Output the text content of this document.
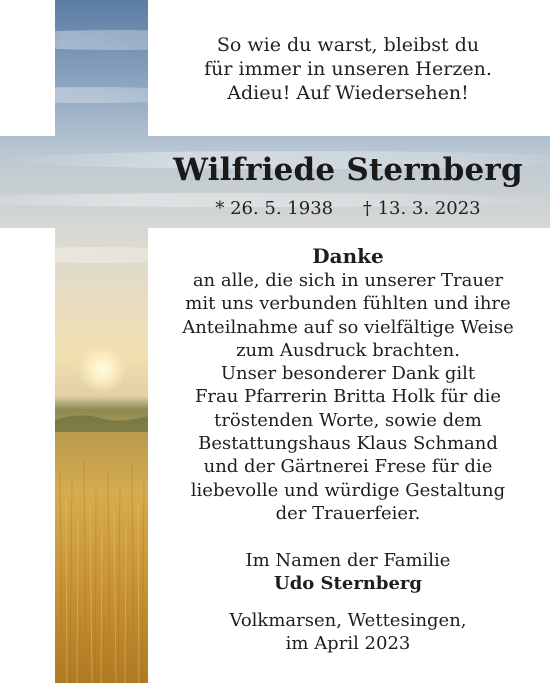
So wie du warst, bleibst du
für immer in unseren Herzen.
Adieu! Auf Wiedersehen!
Wilfriede Sternberg
* 26. 5. 1938 † 13. 3. 2023
Danke
an alle, die sich in unserer Trauer
mit uns verbunden fühlten und ihre
Anteilnahme auf so vielfältige Weise
zum Ausdruck brachten.
Unser besonderer Dank gilt
Frau Pfarrerin Britta Holk für die
tröstenden Worte, sowie dem
Bestattungshaus Klaus Schmand
und der Gärtnerei Frese für die
liebevolle und würdige Gestaltung
der Trauerfeier.
Im Namen der Familie
Udo Sternberg
Volkmarsen, Wettesingen,
im April 2023
